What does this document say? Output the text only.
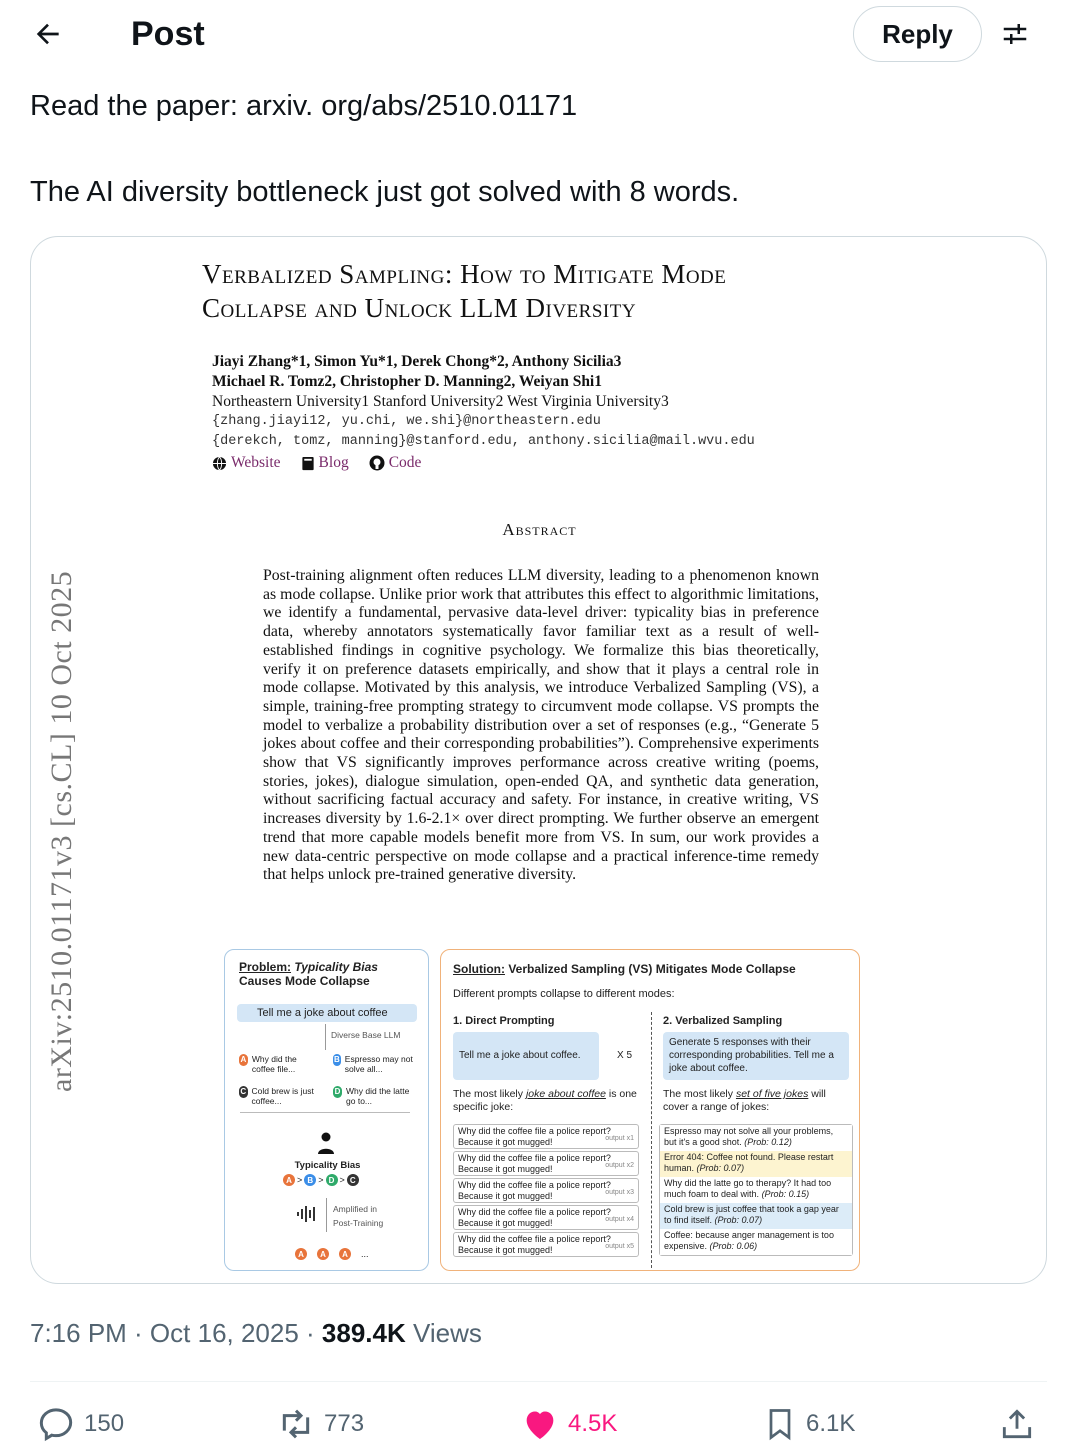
Post	Reply
Read the paper: arxiv. org/abs/2510.01171
The AI diversity bottleneck just got solved with 8 words.
Verbalized Sampling: How to Mitigate Mode
Collapse and Unlock LLM Diversity
Jiayi Zhang*1, Simon Yu*1, Derek Chong*2, Anthony Sicilia3
Michael R. Tomz2, Christopher D. Manning2, Weiyan Shi1
Northeastern University1 Stanford University2 West Virginia University3
{zhang.jiayi12, yu.chi, we.shi}@northeastern.edu
{derekch, tomz, manning}@stanford.edu, anthony.sicilia@mail.wvu.edu
Website Blog	Code
arXiv:2510.01171v3 [cs.CL] 10 Oct 2025
Abstract
Post-training alignment often reduces LLM diversity, leading to a phenomenon known as mode collapse. Unlike prior work that attributes this effect to algorithmic limitations, we identify a fundamental, pervasive data-level driver: typicality bias in preference data, whereby annotators systematically favor familiar text as a result of well-established findings in cognitive psychology. We formalize this bias theoretically, verify it on preference datasets empirically, and show that it plays a central role in mode collapse. Motivated by this analysis, we introduce Verbalized Sampling (VS), a simple, training-free prompting strategy to circumvent mode collapse. VS prompts the model to verbalize a probability distribution over a set of responses (e.g., “Generate 5 jokes about coffee and their corresponding probabilities”). Comprehensive experiments show that VS significantly improves performance across creative writing (poems, stories, jokes), dialogue simulation, open-ended QA, and synthetic data generation, without sacrificing factual accuracy and safety. For instance, in creative writing, VS increases diversity by 1.6-2.1× over direct prompting. We further observe an emergent trend that more capable models benefit more from VS. In sum, our work provides a new data-centric perspective on mode collapse and a practical inference-time remedy that helps unlock pre-trained generative diversity.
Problem: Typicality Bias
Causes Mode Collapse
Tell me a joke about coffee
Diverse Base LLM
A Why did the coffee file...
B Espresso may not solve all...
C Cold brew is just coffee...
D Why did the latte go to...
Typicality Bias
A > B > D > C
Amplified in
Post-Training
A	A	A	...
Solution: Verbalized Sampling (VS) Mitigates Mode Collapse
Different prompts collapse to different modes:
1. Direct Prompting
Tell me a joke about coffee.	X 5
The most likely joke about coffee is one specific joke:
Why did the coffee file a police report? Because it got mugged!	output x1
Why did the coffee file a police report? Because it got mugged!	output x2
Why did the coffee file a police report? Because it got mugged!	output x3
Why did the coffee file a police report? Because it got mugged!	output x4
Why did the coffee file a police report? Because it got mugged!	output x5
2. Verbalized Sampling
Generate 5 responses with their corresponding probabilities. Tell me a joke about coffee.
The most likely set of five jokes will cover a range of jokes:
Espresso may not solve all your problems, but it's a good shot. (Prob: 0.12)
Error 404: Coffee not found. Please restart human. (Prob: 0.07)
Why did the latte go to therapy? It had too much foam to deal with. (Prob: 0.15)
Cold brew is just coffee that took a gap year to find itself. (Prob: 0.07)
Coffee: because anger management is too expensive. (Prob: 0.06)
7:16 PM · Oct 16, 2025 · 389.4K Views
150	773	4.5K	6.1K
